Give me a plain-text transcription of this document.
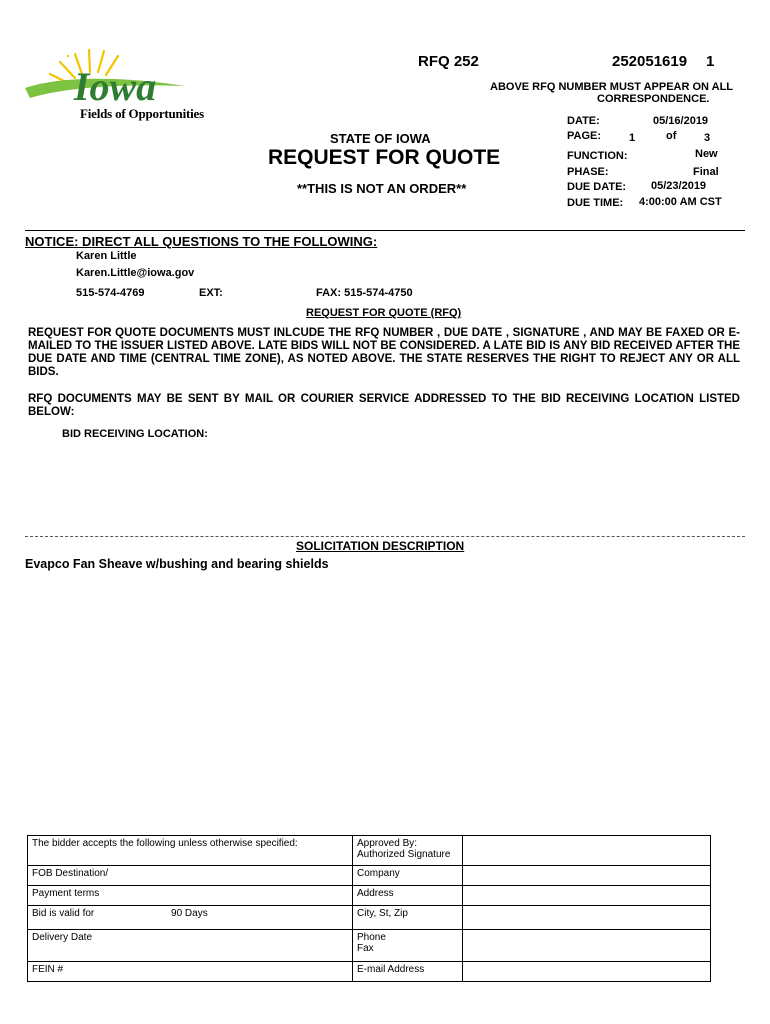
Iowa
Fields of Opportunities
RFQ 252	252051619 1
ABOVE RFQ NUMBER MUST APPEAR ON ALL
CORRESPONDENCE.
STATE OF IOWA
REQUEST FOR QUOTE
**THIS IS NOT AN ORDER**
DATE:	05/16/2019
PAGE:	1	of	3
FUNCTION:	New
PHASE:	Final
DUE DATE: 05/23/2019
DUE TIME: 4:00:00 AM CST
NOTICE: DIRECT ALL QUESTIONS TO THE FOLLOWING:
Karen Little
Karen.Little@iowa.gov
515-574-4769	EXT:	FAX: 515-574-4750
REQUEST FOR QUOTE (RFQ)
REQUEST FOR QUOTE DOCUMENTS MUST INLCUDE THE RFQ NUMBER , DUE DATE , SIGNATURE , AND MAY BE FAXED OR E-MAILED TO THE ISSUER LISTED ABOVE. LATE BIDS WILL NOT BE CONSIDERED. A LATE BID IS ANY BID RECEIVED AFTER THE DUE DATE AND TIME (CENTRAL TIME ZONE), AS NOTED ABOVE. THE STATE RESERVES THE RIGHT TO REJECT ANY OR ALL BIDS.
RFQ DOCUMENTS MAY BE SENT BY MAIL OR COURIER SERVICE ADDRESSED TO THE BID RECEIVING LOCATION LISTED BELOW:
BID RECEIVING LOCATION:
SOLICITATION DESCRIPTION
Evapco Fan Sheave w/bushing and bearing shields
The bidder accepts the following unless otherwise specified:	Approved By:
Authorized Signature	
FOB Destination/	Company	
Payment terms	Address	
Bid is valid for 90 Days	City, St, Zip	
Delivery Date	Phone
Fax	
FEIN #	E-mail Address	
